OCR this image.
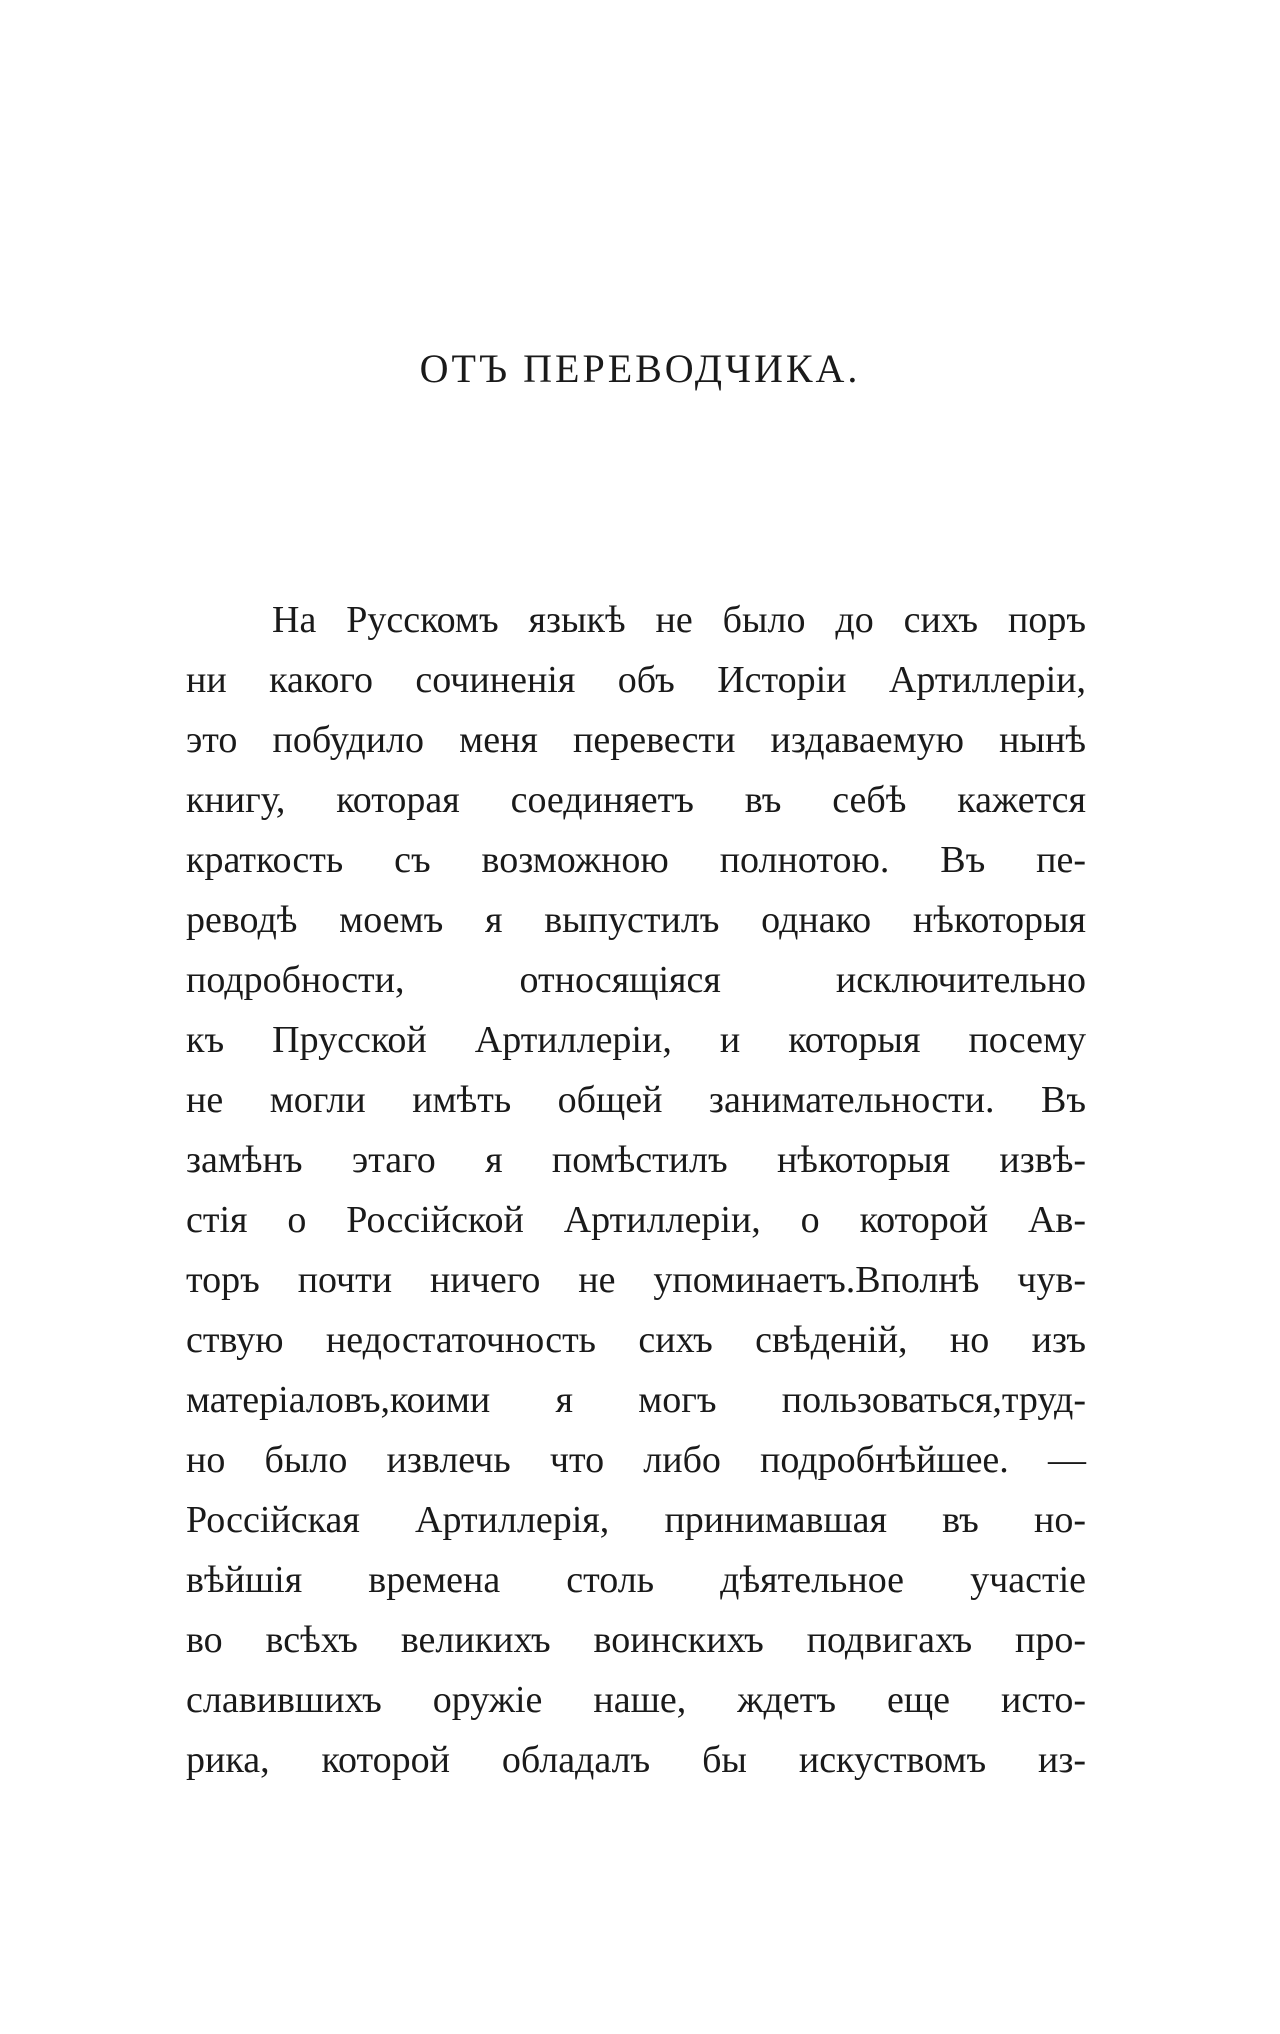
ОТЪ ПЕРЕВОДЧИКА.
На Русскомъ языкѣ не было до сихъ поръ
ни какого сочиненія объ Исторіи Артиллеріи,
это побудило меня перевести издаваемую нынѣ
книгу, которая соединяетъ въ себѣ кажется
краткость съ возможною полнотою. Въ пе-
реводѣ моемъ я выпустилъ однако нѣкоторыя
подробности, относящіяся исключительно
къ Прусской Артиллеріи, и которыя посему
не могли имѣть общей занимательности. Въ
замѣнъ этаго я помѣстилъ нѣкоторыя извѣ-
стія о Россійской Артиллеріи, о которой Ав-
торъ почти ничего не упоминаетъ.Вполнѣ чув-
ствую недостаточность сихъ свѣденій, но изъ
матеріаловъ,коими я могъ пользоваться,труд-
но было извлечь что либо подробнѣйшее. —
Россійская Артиллерія, принимавшая въ но-
вѣйшія времена столь дѣятельное участіе
во всѣхъ великихъ воинскихъ подвигахъ про-
славившихъ оружіе наше, ждетъ еще исто-
рика, которой обладалъ бы искуствомъ из-
